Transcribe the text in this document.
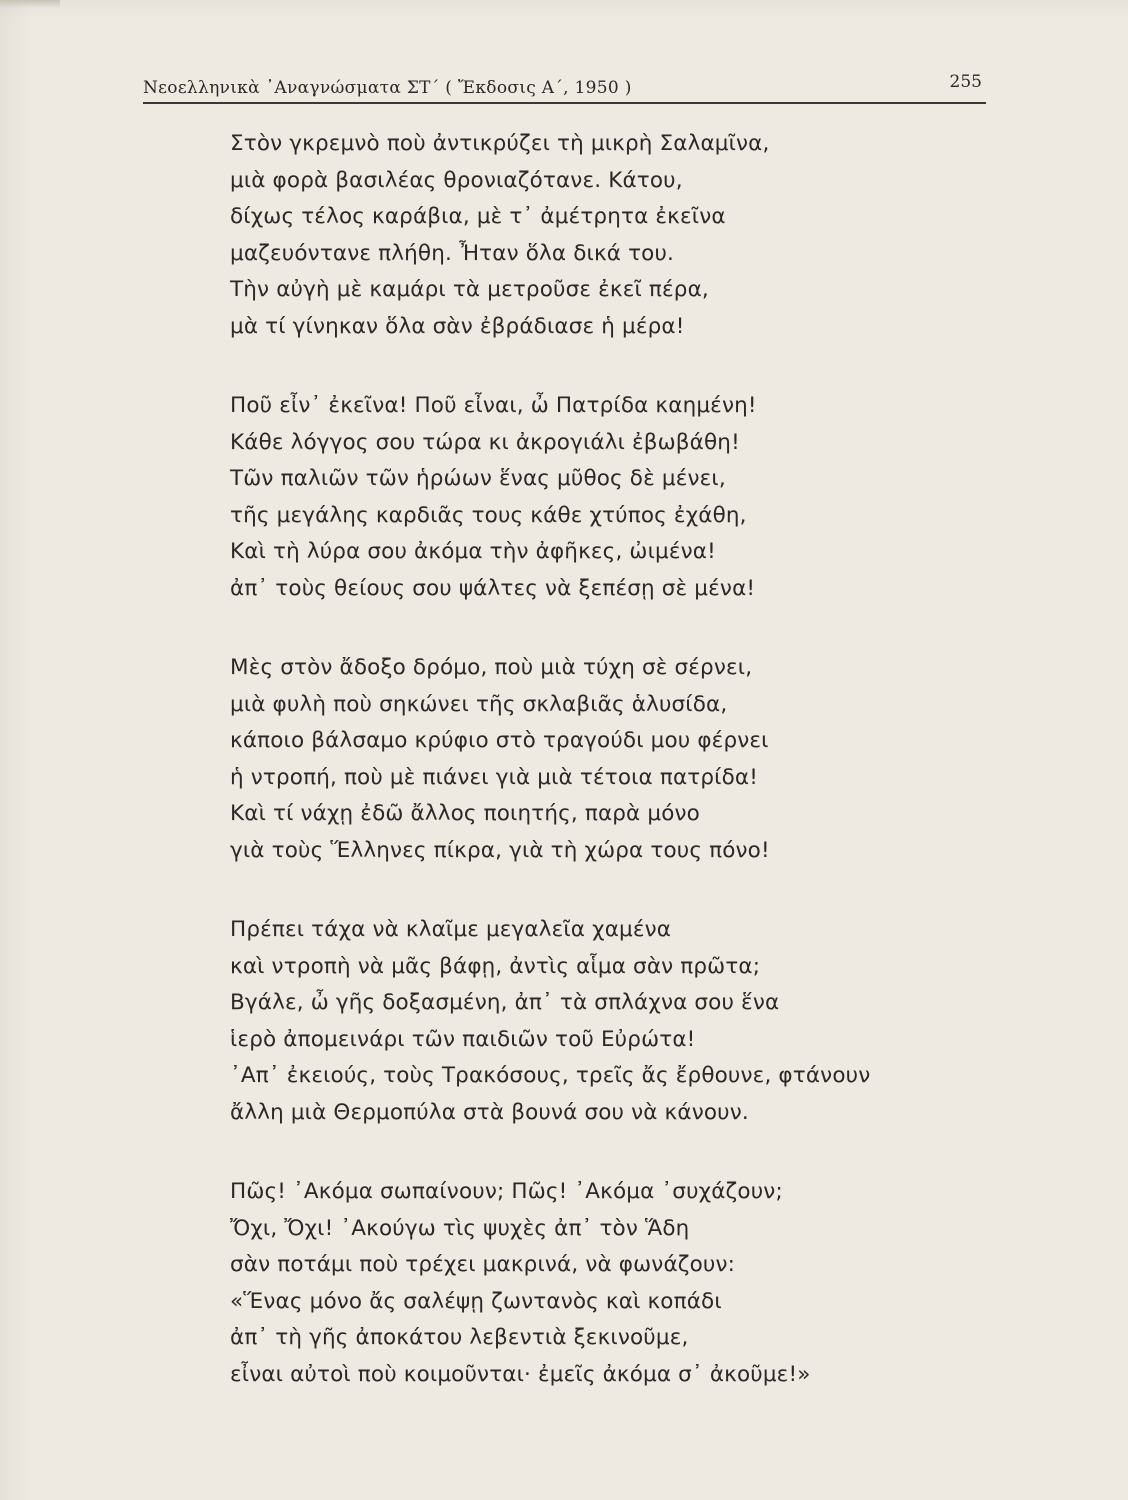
Νεοελληνικὰ ᾿Αναγνώσματα ΣΤ΄ ( Ἔκδοσις Α΄, 1950 )	255
Στὸν γκρεμνὸ ποὺ ἀντικρύζει τὴ μικρὴ Σαλαμῖνα,
μιὰ φορὰ βασιλέας θρονιαζότανε. Κάτου,
δίχως τέλος καράβια, μὲ τ᾿ ἀμέτρητα ἐκεῖνα
μαζευόντανε πλήθη. Ἦταν ὅλα δικά του.
Τὴν αὐγὴ μὲ καμάρι τὰ μετροῦσε ἐκεῖ πέρα,
μὰ τί γίνηκαν ὅλα σὰν ἐβράδιασε ἡ μέρα!
Ποῦ εἶν᾿ ἐκεῖνα! Ποῦ εἶναι, ὦ Πατρίδα καημένη!
Κάθε λόγγος σου τώρα κι ἀκρογιάλι ἐβωβάθη!
Τῶν παλιῶν τῶν ἡρώων ἕνας μῦθος δὲ μένει,
τῆς μεγάλης καρδιᾶς τους κάθε χτύπος ἐχάθη,
Καὶ τὴ λύρα σου ἀκόμα τὴν ἀφῆκες, ὠιμένα!
ἀπ᾿ τοὺς θείους σου ψάλτες νὰ ξεπέσῃ σὲ μένα!
Μὲς στὸν ἄδοξο δρόμο, ποὺ μιὰ τύχη σὲ σέρνει,
μιὰ φυλὴ ποὺ σηκώνει τῆς σκλαβιᾶς ἁλυσίδα,
κάποιο βάλσαμο κρύφιο στὸ τραγούδι μου φέρνει
ἡ ντροπή, ποὺ μὲ πιάνει γιὰ μιὰ τέτοια πατρίδα!
Καὶ τί νάχῃ ἐδῶ ἄλλος ποιητής, παρὰ μόνο
γιὰ τοὺς Ἕλληνες πίκρα, γιὰ τὴ χώρα τους πόνο!
Πρέπει τάχα νὰ κλαῖμε μεγαλεῖα χαμένα
καὶ ντροπὴ νὰ μᾶς βάφῃ, ἀντὶς αἷμα σὰν πρῶτα;
Βγάλε, ὦ γῆς δοξασμένη, ἀπ᾿ τὰ σπλάχνα σου ἕνα
ἱερὸ ἀπομεινάρι τῶν παιδιῶν τοῦ Εὐρώτα!
᾿Απ᾿ ἐκειούς, τοὺς Τρακόσους, τρεῖς ἄς ἔρθουνε, φτάνουν
ἄλλη μιὰ Θερμοπύλα στὰ βουνά σου νὰ κάνουν.
Πῶς! ᾿Ακόμα σωπαίνουν; Πῶς! ᾿Ακόμα ᾿συχάζουν;
Ὄχι, Ὄχι! ᾿Ακούγω τὶς ψυχὲς ἀπ᾿ τὸν Ἅδη
σὰν ποτάμι ποὺ τρέχει μακρινά, νὰ φωνάζουν:
«Ἕνας μόνο ἄς σαλέψῃ ζωντανὸς καὶ κοπάδι
ἀπ᾿ τὴ γῆς ἀποκάτου λεβεντιὰ ξεκινοῦμε,
εἶναι αὐτοὶ ποὺ κοιμοῦνται· ἐμεῖς ἀκόμα σ᾿ ἀκοῦμε!»
